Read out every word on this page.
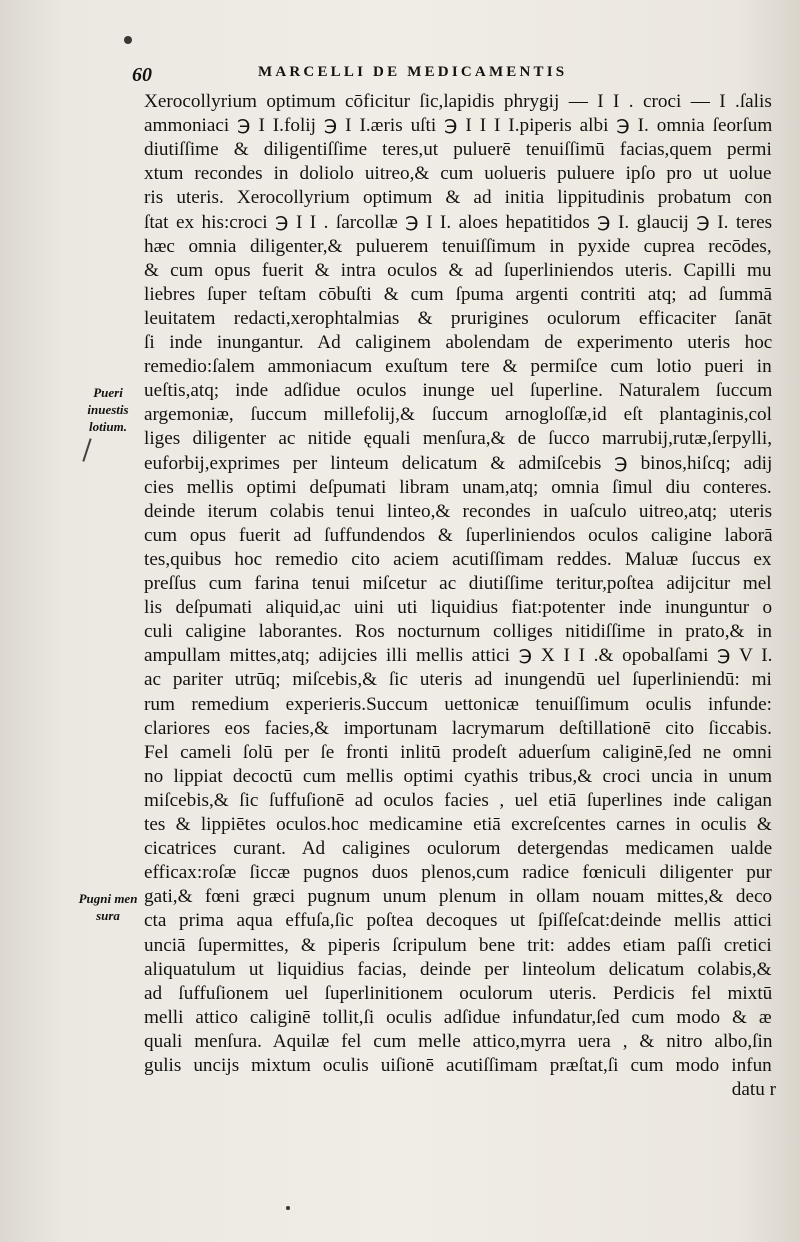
60	MARCELLI DE MEDICAMENTIS
Pueri inuestis lotium.
Pugni men sura
Xerocollyrium optimum cōficitur ſic,lapidis phrygij — I I . croci — I .ſalis
ammoniaci ℈ I I.folij ℈ I I.æris uſti ℈ I I I I.piperis albi ℈ I. omnia ſeorſum
diutiſſime & diligentiſſime teres,ut puluerē tenuiſſimū facias,quem permi
xtum recondes in doliolo uitreo,& cum uolueris puluere ipſo pro ut uolue
ris uteris. Xerocollyrium optimum & ad initia lippitudinis probatum con
ſtat ex his:croci ℈ I I . ſarcollæ ℈ I I. aloes hepatitidos ℈ I. glaucij ℈ I. teres
hæc omnia diligenter,& puluerem tenuiſſimum in pyxide cuprea recōdes,
& cum opus fuerit & intra oculos & ad ſuperliniendos uteris. Capilli mu
liebres ſuper teſtam cōbuſti & cum ſpuma argenti contriti atq; ad ſummā
leuitatem redacti,xerophtalmias & prurigines oculorum efficaciter ſanāt
ſi inde inungantur. Ad caliginem abolendam de experimento uteris hoc
remedio:ſalem ammoniacum exuſtum tere & permiſce cum lotio pueri in
ueſtis,atq; inde adſidue oculos inunge uel ſuperline. Naturalem ſuccum
argemoniæ, ſuccum millefolij,& ſuccum arnogloſſæ,id eſt plantaginis,col
liges diligenter ac nitide ęquali menſura,& de ſucco marrubij,rutæ,ſerpylli,
euforbij,exprimes per linteum delicatum & admiſcebis ℈ binos,hiſcq; adij
cies mellis optimi deſpumati libram unam,atq; omnia ſimul diu conteres.
deinde iterum colabis tenui linteo,& recondes in uaſculo uitreo,atq; uteris
cum opus fuerit ad ſuffundendos & ſuperliniendos oculos caligine laborā
tes,quibus hoc remedio cito aciem acutiſſimam reddes. Maluæ ſuccus ex
preſſus cum farina tenui miſcetur ac diutiſſime teritur,poſtea adijcitur mel
lis deſpumati aliquid,ac uini uti liquidius fiat:potenter inde inunguntur o
culi caligine laborantes. Ros nocturnum colliges nitidiſſime in prato,& in
ampullam mittes,atq; adijcies illi mellis attici ℈ X I I .& opobalſami ℈ V I.
ac pariter utrūq; miſcebis,& ſic uteris ad inungendū uel ſuperliniendū: mi
rum remedium experieris.Succum uettonicæ tenuiſſimum oculis infunde:
clariores eos facies,& importunam lacrymarum deſtillationē cito ſiccabis.
Fel cameli ſolū per ſe fronti inlitū prodeſt aduerſum caliginē,ſed ne omni
no lippiat decoctū cum mellis optimi cyathis tribus,& croci uncia in unum
miſcebis,& ſic ſuffuſionē ad oculos facies , uel etiā ſuperlines inde caligan
tes & lippiētes oculos.hoc medicamine etiā excreſcentes carnes in oculis &
cicatrices curant. Ad caligines oculorum detergendas medicamen ualde
efficax:roſæ ſiccæ pugnos duos plenos,cum radice fœniculi diligenter pur
gati,& fœni græci pugnum unum plenum in ollam nouam mittes,& deco
cta prima aqua effuſa,ſic poſtea decoques ut ſpiſſeſcat:deinde mellis attici
unciā ſupermittes, & piperis ſcripulum bene trit: addes etiam paſſi cretici
aliquatulum ut liquidius facias, deinde per linteolum delicatum colabis,&
ad ſuffuſionem uel ſuperlinitionem oculorum uteris. Perdicis fel mixtū
melli attico caliginē tollit,ſi oculis adſidue infundatur,ſed cum modo & æ
quali menſura. Aquilæ fel cum melle attico,myrra uera , & nitro albo,ſin
gulis uncijs mixtum oculis uiſionē acutiſſimam præſtat,ſi cum modo infun
datu r
